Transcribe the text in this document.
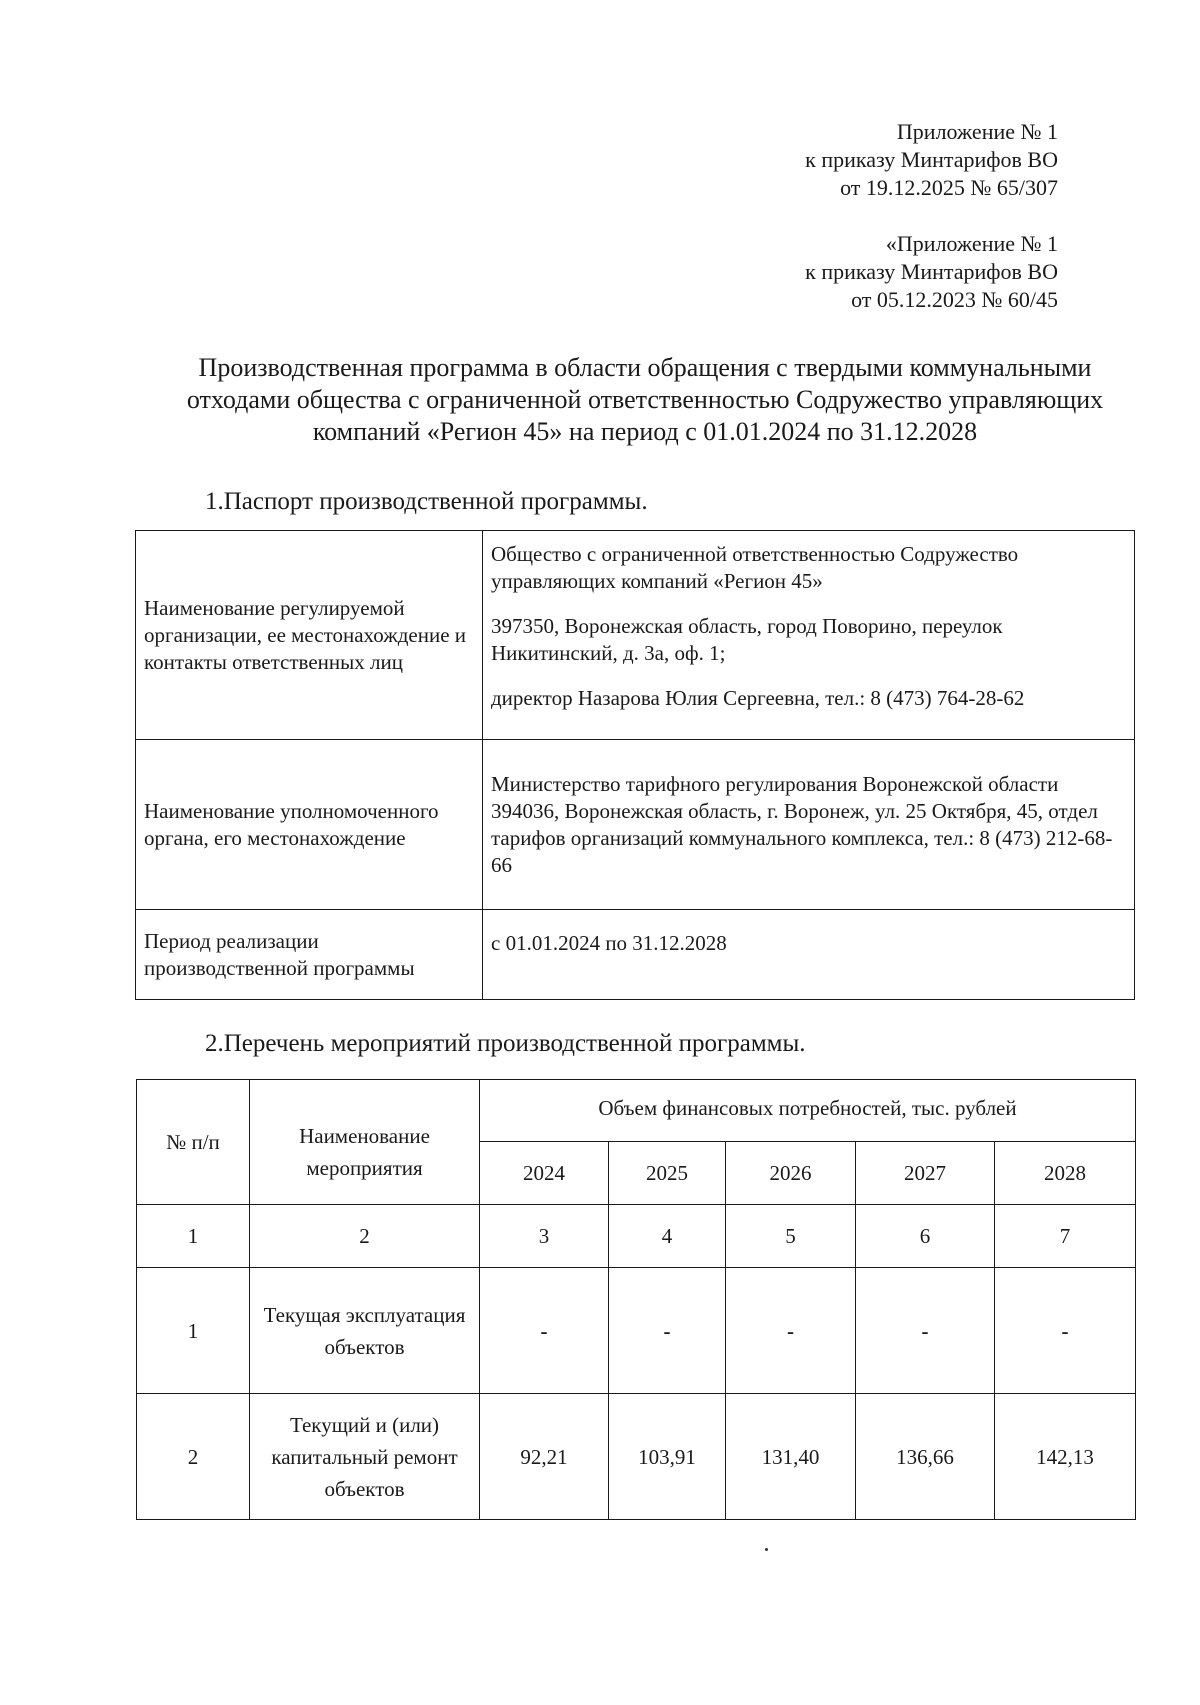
Приложение № 1
к приказу Минтарифов ВО
от 19.12.2025 № 65/307
«Приложение № 1
к приказу Минтарифов ВО
от 05.12.2023 № 60/45
Производственная программа в области обращения с твердыми коммунальными
отходами общества с ограниченной ответственностью Содружество управляющих
компаний «Регион 45» на период с 01.01.2024 по 31.12.2028
1.Паспорт производственной программы.
Наименование регулируемой организации, ее местонахождение и контакты ответственных лиц	Общество с ограниченной ответственностью Содружество управляющих компаний «Регион 45»

397350, Воронежская область, город Поворино, переулок Никитинский, д. 3а, оф. 1;

директор Назарова Юлия Сергеевна, тел.: 8 (473) 764-28-62

Наименование уполномоченного органа, его местонахождение	Министерство тарифного регулирования Воронежской области
394036, Воронежская область, г. Воронеж, ул. 25 Октября, 45, отдел тарифов организаций коммунального комплекса, тел.: 8 (473) 212-68-66

Период реализации производственной программы	с 01.01.2024 по 31.12.2028
2.Перечень мероприятий производственной программы.
№ п/п	Наименование мероприятия	Объем финансовых потребностей, тыс. рублей				
		2024	2025	2026	2027	2028
1	2	3	4	5	6	7
1	Текущая эксплуатация объектов	-	-	-	-	-
2	Текущий и (или) капитальный ремонт объектов	92,21	103,91	131,40	136,66	142,13
